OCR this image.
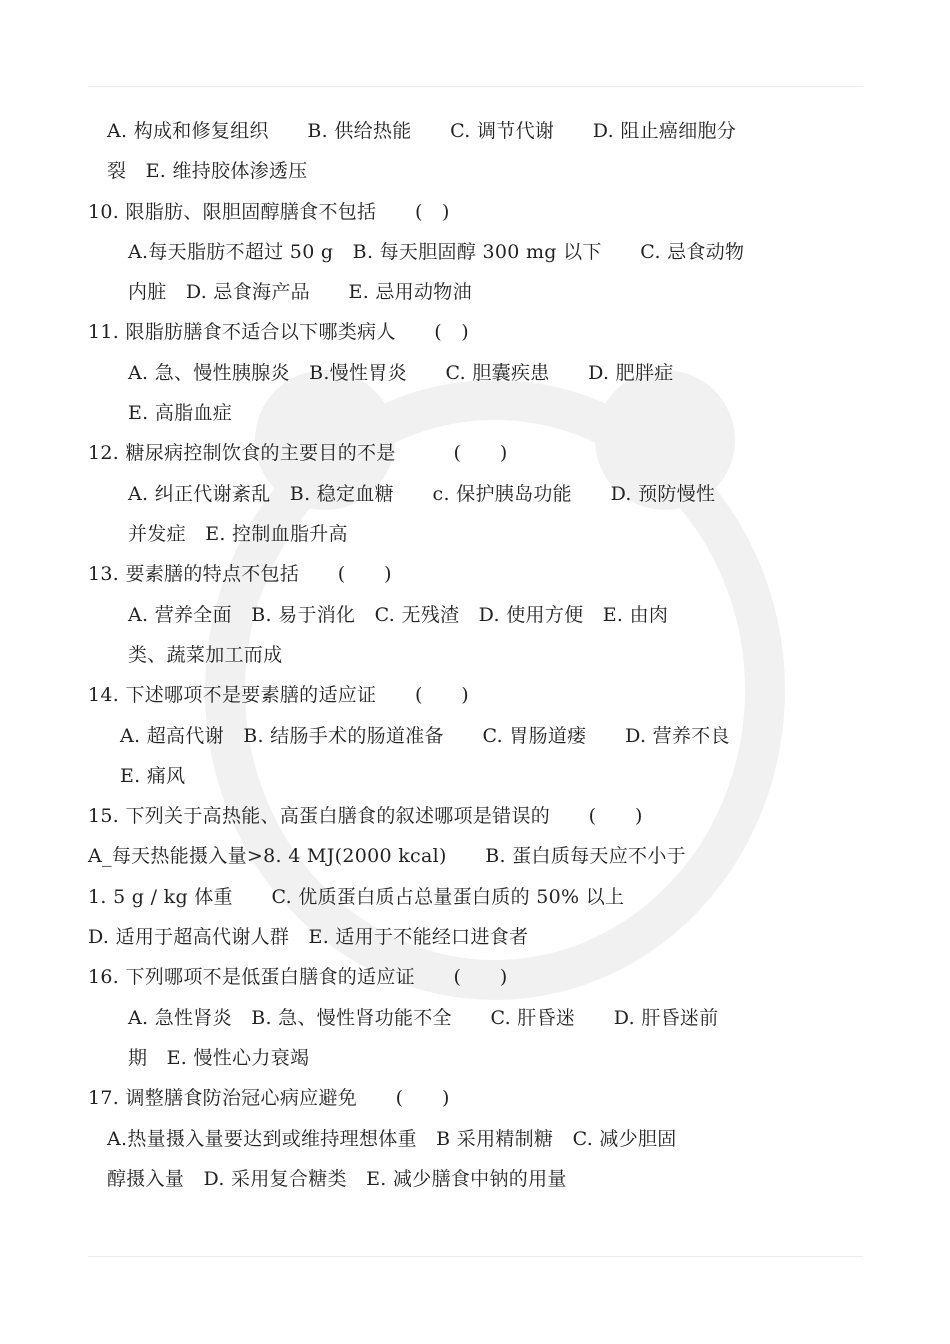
A. 构成和修复组织　　B. 供给热能　　C. 调节代谢　　D. 阻止癌细胞分
裂　E. 维持胶体渗透压
10. 限脂肪、限胆固醇膳食不包括　　(　)
A.每天脂肪不超过 50 g　B. 每天胆固醇 300 mg 以下　　C. 忌食动物
内脏　D. 忌食海产品　　E. 忌用动物油
11. 限脂肪膳食不适合以下哪类病人　　(　)
A. 急、慢性胰腺炎　B.慢性胃炎　　C. 胆囊疾患　　D. 肥胖症
E. 高脂血症
12. 糖尿病控制饮食的主要目的不是　　　(　　)
A. 纠正代谢紊乱　B. 稳定血糖　　c. 保护胰岛功能　　D. 预防慢性
并发症　E. 控制血脂升高
13. 要素膳的特点不包括　　(　　)
A. 营养全面　B. 易于消化　C. 无残渣　D. 使用方便　E. 由肉
类、蔬菜加工而成
14. 下述哪项不是要素膳的适应证　　(　　)
A. 超高代谢　B. 结肠手术的肠道准备　　C. 胃肠道瘘　　D. 营养不良
E. 痛风
15. 下列关于高热能、高蛋白膳食的叙述哪项是错误的　　(　　)
A_每天热能摄入量>8. 4 MJ(2000 kcal)　　B. 蛋白质每天应不小于
1. 5 g / kg 体重　　C. 优质蛋白质占总量蛋白质的 50% 以上
D. 适用于超高代谢人群　E. 适用于不能经口进食者
16. 下列哪项不是低蛋白膳食的适应证　　(　　)
A. 急性肾炎　B. 急、慢性肾功能不全　　C. 肝昏迷　　D. 肝昏迷前
期　E. 慢性心力衰竭
17. 调整膳食防治冠心病应避免　　(　　)
A.热量摄入量要达到或维持理想体重　B 采用精制糖　C. 减少胆固
醇摄入量　D. 采用复合糖类　E. 减少膳食中钠的用量
